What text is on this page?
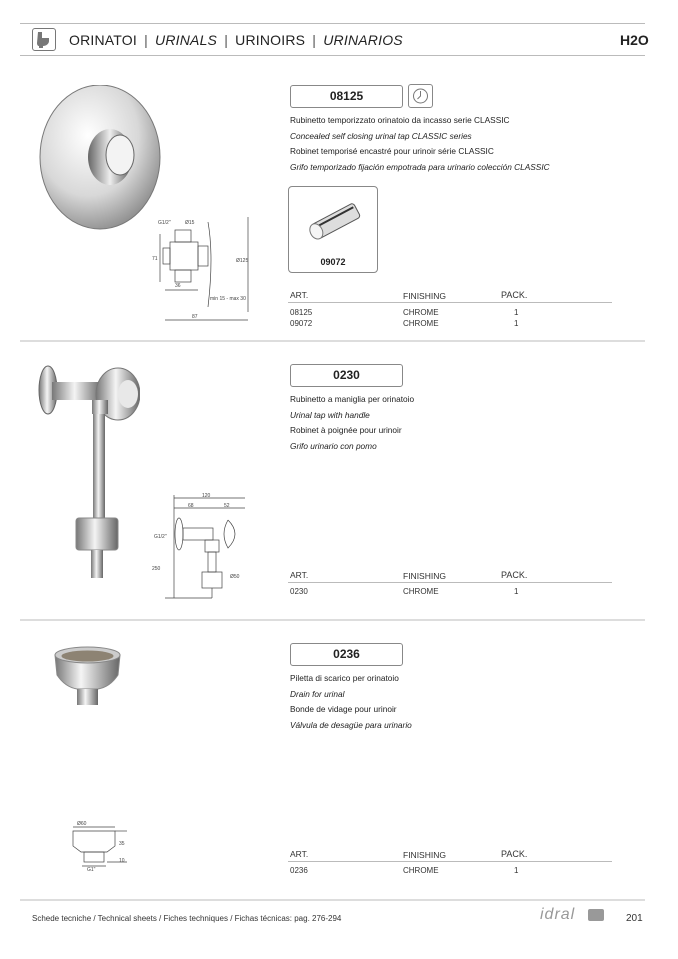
ORINATOI | URINALS | URINOIRS | URINARIOS	H2O
G1/2"	Ø15
71	Ø125
36
min 15 - max 30
87
08125
Rubinetto temporizzato orinatoio da incasso serie CLASSIC
Concealed self closing urinal tap CLASSIC series
Robinet temporisé encastré pour urinoir série CLASSIC
Grifo temporizado fijación empotrada para urinario colección CLASSIC
09072
ART.	FINISHING	PACK.
08125	CHROME	1
09072	CHROME	1
120
68	52
G1/2"
250
Ø50
0230
Rubinetto a maniglia per orinatoio
Urinal tap with handle
Robinet à poignée pour urinoir
Grifo urinario con pomo
ART.	FINISHING	PACK.
0230	CHROME	1
Ø60
35
10
G1"
0236
Piletta di scarico per orinatoio
Drain for urinal
Bonde de vidage pour urinoir
Válvula de desagüe para urinario
ART.	FINISHING	PACK.
0236	CHROME	1
Schede tecniche / Technical sheets / Fiches techniques / Fichas técnicas: pag. 276-294	idral	201
